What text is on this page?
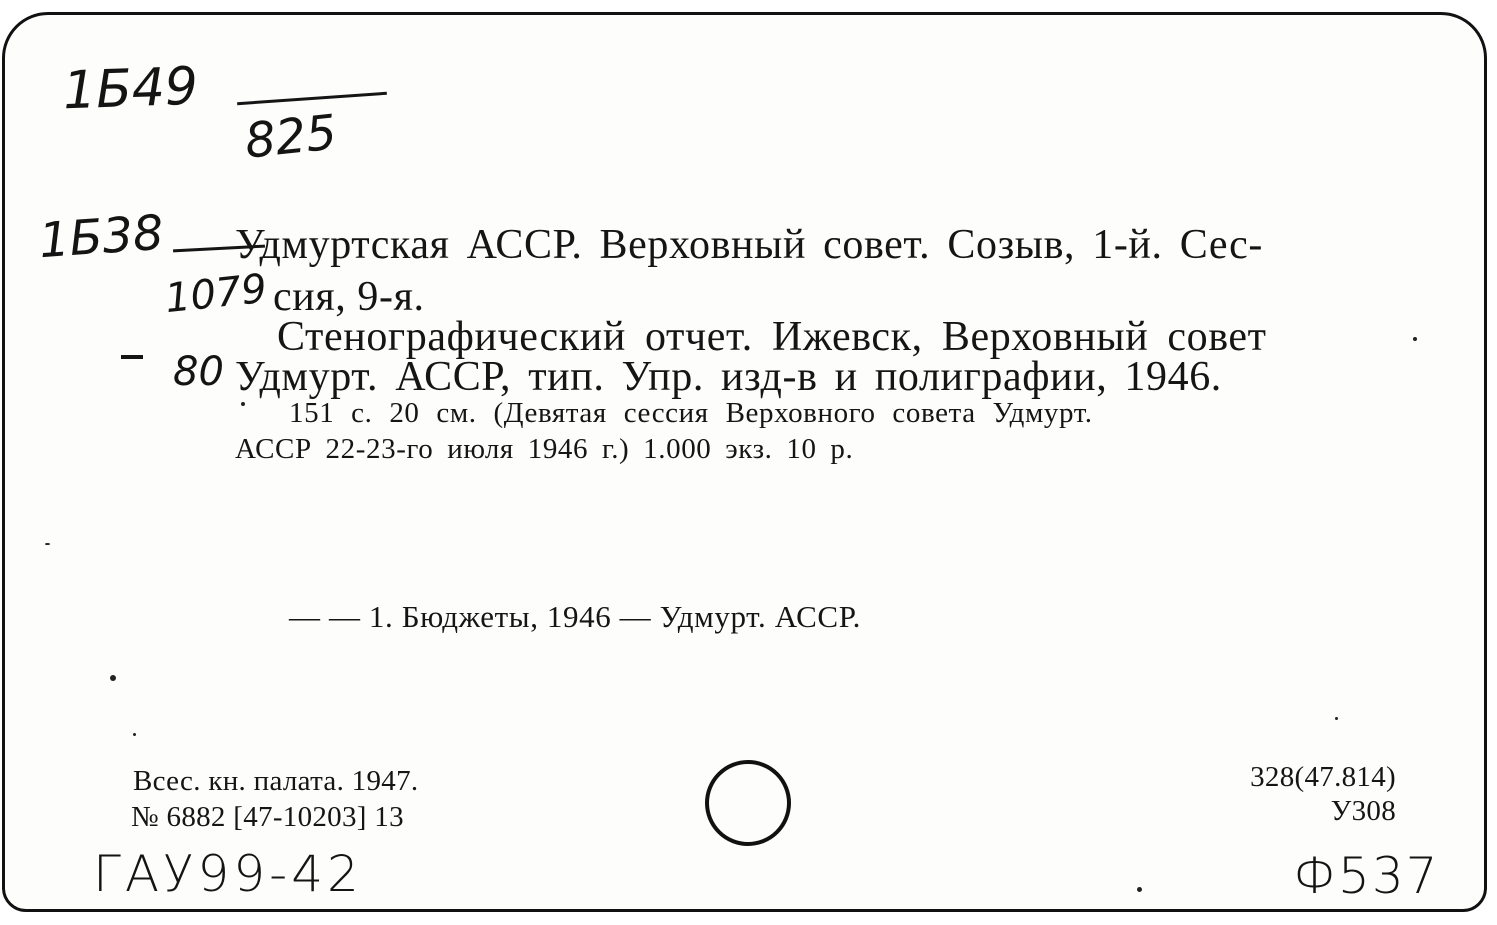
1Б49
825
1Б38
1079
80

Удмуртская АССР. Верховный совет. Созыв, 1-й. Сес-

сия, 9-я.

Стенографический отчет. Ижевск, Верховный совет

Удмурт. АССР, тип. Упр. изд-в и полиграфии, 1946.

151 с. 20 см. (Девятая сессия Верховного совета Удмурт.

АССР 22-23-го июля 1946 г.) 1.000 экз. 10 р.

— — 1. Бюджеты, 1946 — Удмурт. АССР.

Всес. кн. палата. 1947.

№ 6882 [47-10203] 13

328(47.814)

У308

ГАУ99-42	Ф537
